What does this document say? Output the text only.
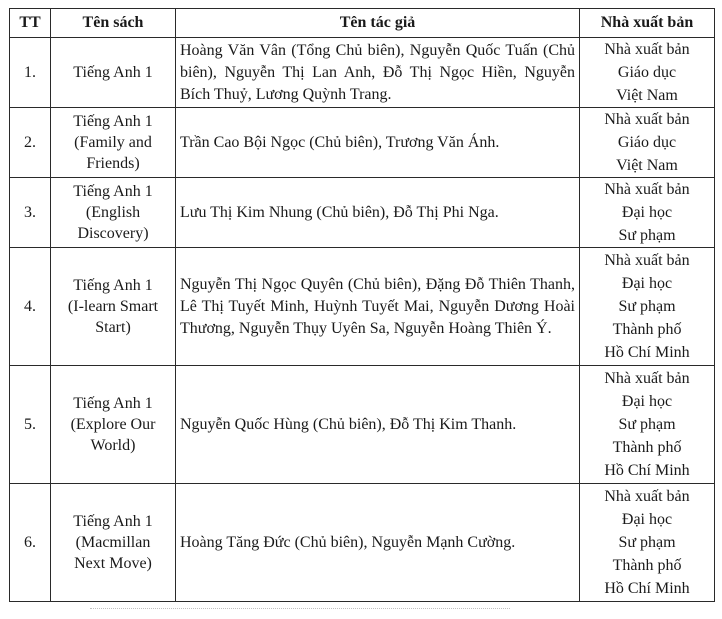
TT	Tên sách	Tên tác giả	Nhà xuất bản
1.	Tiếng Anh 1	Hoàng Văn Vân (Tổng Chủ biên), Nguyễn Quốc Tuấn (Chủ biên), Nguyễn Thị Lan Anh, Đỗ Thị Ngọc Hiền, Nguyễn Bích Thuỷ, Lương Quỳnh Trang.	Nhà xuất bản
Giáo dục
Việt Nam

2.	Tiếng Anh 1
(Family and
Friends)	Trần Cao Bội Ngọc (Chủ biên), Trương Văn Ánh.	Nhà xuất bản
Giáo dục
Việt Nam

3.	Tiếng Anh 1
(English
Discovery)	Lưu Thị Kim Nhung (Chủ biên), Đỗ Thị Phi Nga.	Nhà xuất bản
Đại học
Sư phạm

4.	Tiếng Anh 1
(I-learn Smart
Start)	Nguyễn Thị Ngọc Quyên (Chủ biên), Đặng Đỗ Thiên Thanh, Lê Thị Tuyết Minh, Huỳnh Tuyết Mai, Nguyễn Dương Hoài Thương, Nguyễn Thụy Uyên Sa, Nguyễn Hoàng Thiên Ý.	Nhà xuất bản
Đại học
Sư phạm
Thành phố
Hồ Chí Minh

5.	Tiếng Anh 1
(Explore Our
World)	Nguyễn Quốc Hùng (Chủ biên), Đỗ Thị Kim Thanh.	Nhà xuất bản
Đại học
Sư phạm
Thành phố
Hồ Chí Minh

6.	Tiếng Anh 1
(Macmillan
Next Move)	Hoàng Tăng Đức (Chủ biên), Nguyễn Mạnh Cường.	Nhà xuất bản
Đại học
Sư phạm
Thành phố
Hồ Chí Minh
